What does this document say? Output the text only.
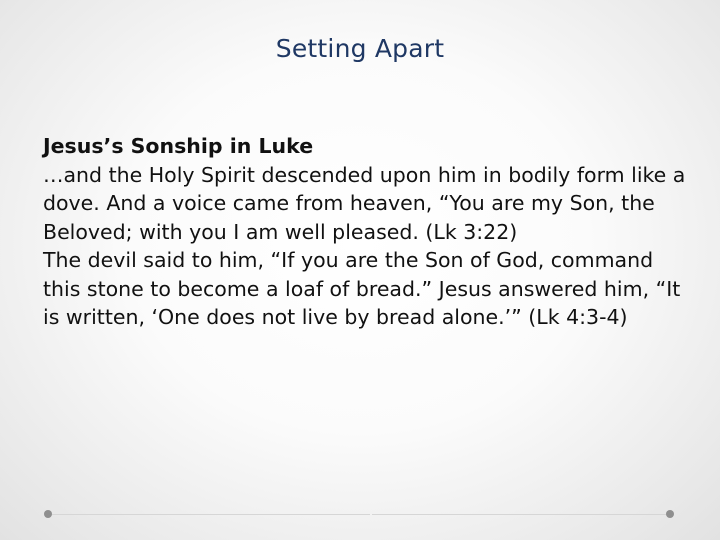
Setting Apart
Jesus’s Sonship in Luke

…and the Holy Spirit descended upon him in bodily form like a dove. And a voice came from heaven, “You are my Son, the Beloved; with you I am well pleased. (Lk 3:22)

The devil said to him, “If you are the Son of God, command this stone to become a loaf of bread.” Jesus answered him, “It is written, ‘One does not live by bread alone.’” (Lk 4:3-4)
